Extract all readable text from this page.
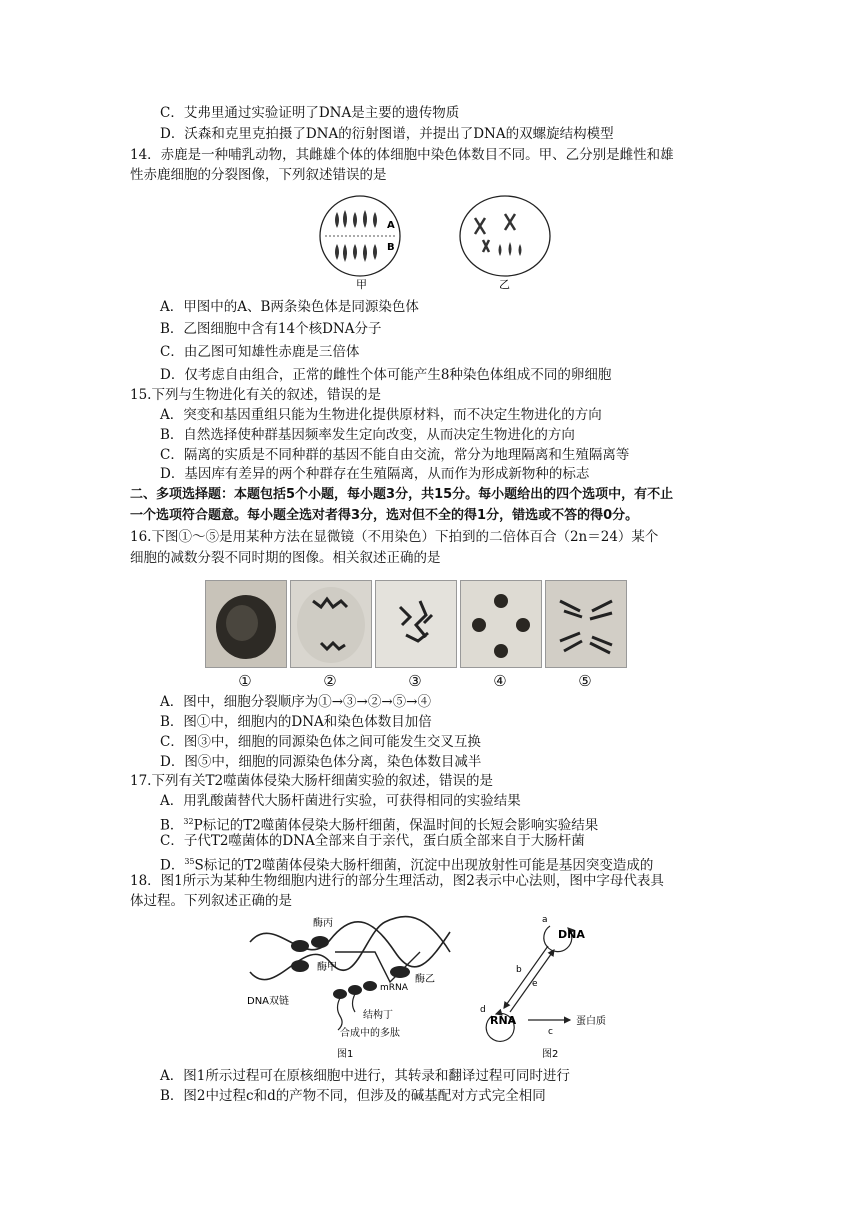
C．艾弗里通过实验证明了DNA是主要的遗传物质
D．沃森和克里克拍摄了DNA的衍射图谱，并提出了DNA的双螺旋结构模型
14．赤鹿是一种哺乳动物，其雌雄个体的体细胞中染色体数目不同。甲、乙分别是雌性和雄
性赤鹿细胞的分裂图像，下列叙述错误的是
A
B
甲	乙
A．甲图中的A、B两条染色体是同源染色体
B．乙图细胞中含有14个核DNA分子
C．由乙图可知雄性赤鹿是三倍体
D．仅考虑自由组合，正常的雌性个体可能产生8种染色体组成不同的卵细胞
15.下列与生物进化有关的叙述，错误的是
A．突变和基因重组只能为生物进化提供原材料，而不决定生物进化的方向
B．自然选择使种群基因频率发生定向改变，从而决定生物进化的方向
C．隔离的实质是不同种群的基因不能自由交流，常分为地理隔离和生殖隔离等
D．基因库有差异的两个种群存在生殖隔离，从而作为形成新物种的标志
二、多项选择题：本题包括5个小题，每小题3分，共15分。每小题给出的四个选项中，有不止
一个选项符合题意。每小题全选对者得3分，选对但不全的得1分，错选或不答的得0分。
16.下图①～⑤是用某种方法在显微镜（不用染色）下拍到的二倍体百合（2n＝24）某个
细胞的减数分裂不同时期的图像。相关叙述正确的是
①	②	③	④	⑤
A．图中，细胞分裂顺序为①→③→②→⑤→④
B．图①中，细胞内的DNA和染色体数目加倍
C．图③中，细胞的同源染色体之间可能发生交叉互换
D．图⑤中，细胞的同源染色体分离，染色体数目减半
17.下列有关T2噬菌体侵染大肠杆细菌实验的叙述，错误的是
A．用乳酸菌替代大肠杆菌进行实验，可获得相同的实验结果
B．$^{32}$P标记的T2噬菌体侵染大肠杆细菌，保温时间的长短会影响实验结果
C．子代T2噬菌体的DNA全部来自于亲代，蛋白质全部来自于大肠杆菌
D．$^{35}$S标记的T2噬菌体侵染大肠杆细菌，沉淀中出现放射性可能是基因突变造成的
18．图1所示为某种生物细胞内进行的部分生理活动，图2表示中心法则，图中字母代表具
体过程。下列叙述正确的是
酶丙
酶甲
酶乙
mRNA
DNA双链
结构丁
合成中的多肽
图1
a
DNA
b
e
d
RNA
c
蛋白质
图2
A．图1所示过程可在原核细胞中进行，其转录和翻译过程可同时进行
B．图2中过程c和d的产物不同，但涉及的碱基配对方式完全相同
